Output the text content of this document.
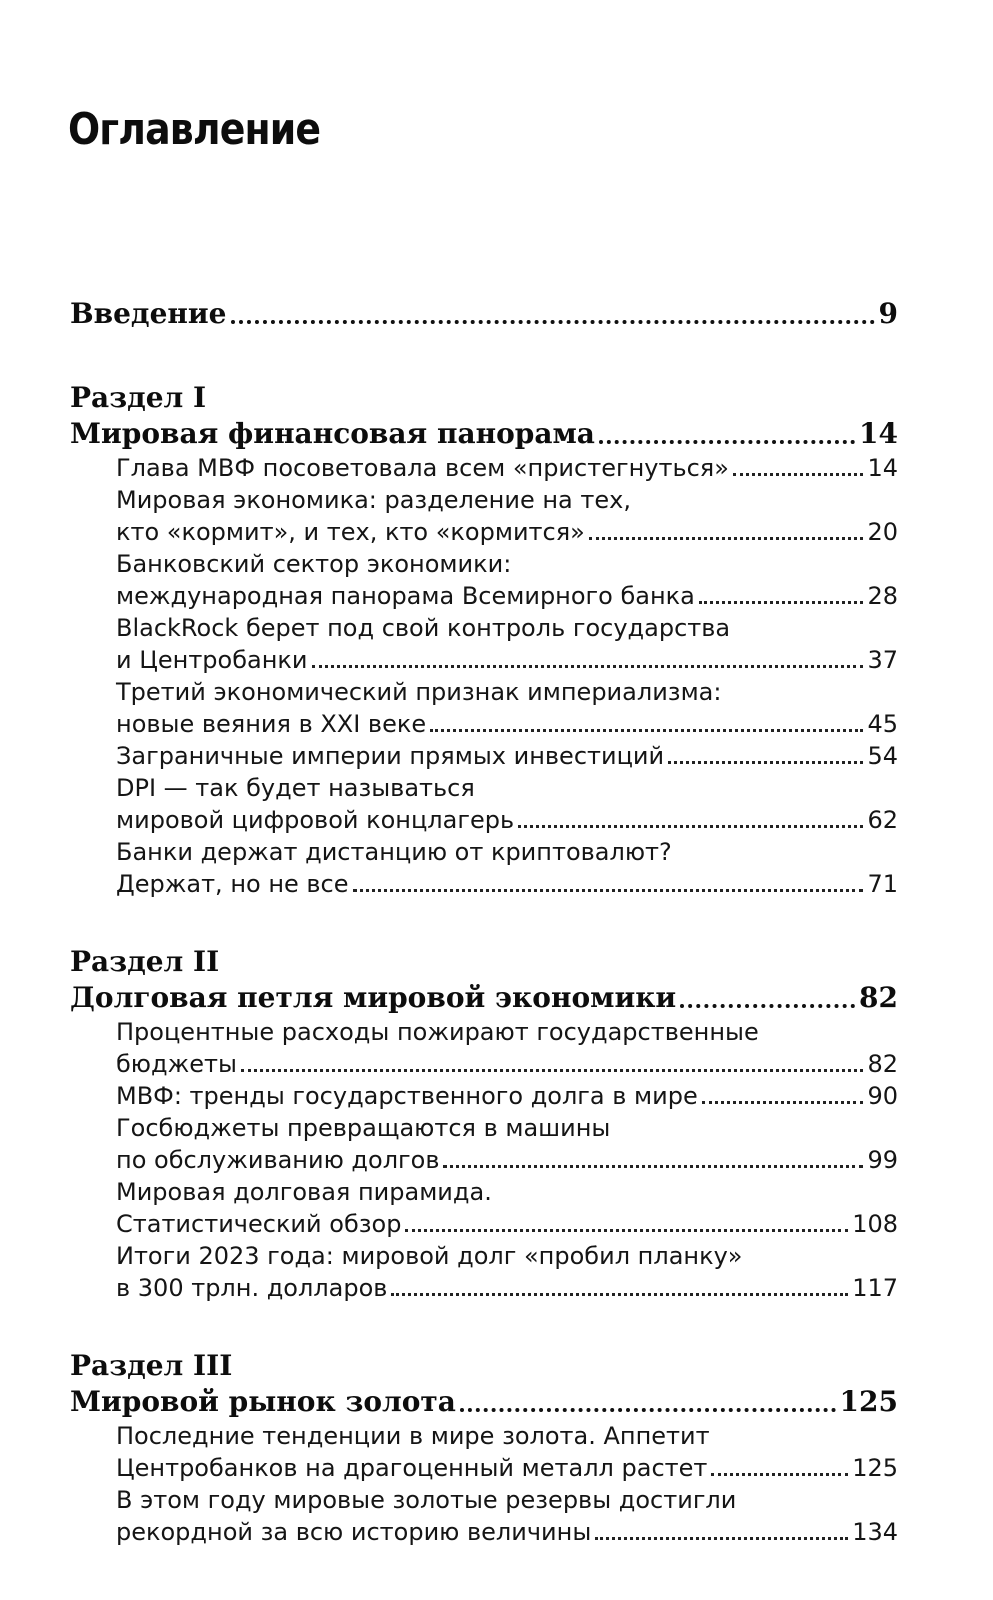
Оглавление
Введение	9
Раздел I
Мировая финансовая панорама	14
Глава МВФ посоветовала всем «пристегнуться»	14
Мировая экономика: разделение на тех,
кто «кормит», и тех, кто «кормится»	20
Банковский сектор экономики:
международная панорама Всемирного банка	28
BlackRock берет под свой контроль государства
и Центробанки	37
Третий экономический признак империализма:
новые веяния в XXI веке	45
Заграничные империи прямых инвестиций	54
DPI — так будет называться
мировой цифровой концлагерь	62
Банки держат дистанцию от криптовалют?
Держат, но не все	71
Раздел II
Долговая петля мировой экономики	82
Процентные расходы пожирают государственные
бюджеты	82
МВФ: тренды государственного долга в мире	90
Госбюджеты превращаются в машины
по обслуживанию долгов	99
Мировая долговая пирамида.
Статистический обзор	108
Итоги 2023 года: мировой долг «пробил планку»
в 300 трлн. долларов	117
Раздел III
Мировой рынок золота	125
Последние тенденции в мире золота. Аппетит
Центробанков на драгоценный металл растет	125
В этом году мировые золотые резервы достигли
рекордной за всю историю величины	134
